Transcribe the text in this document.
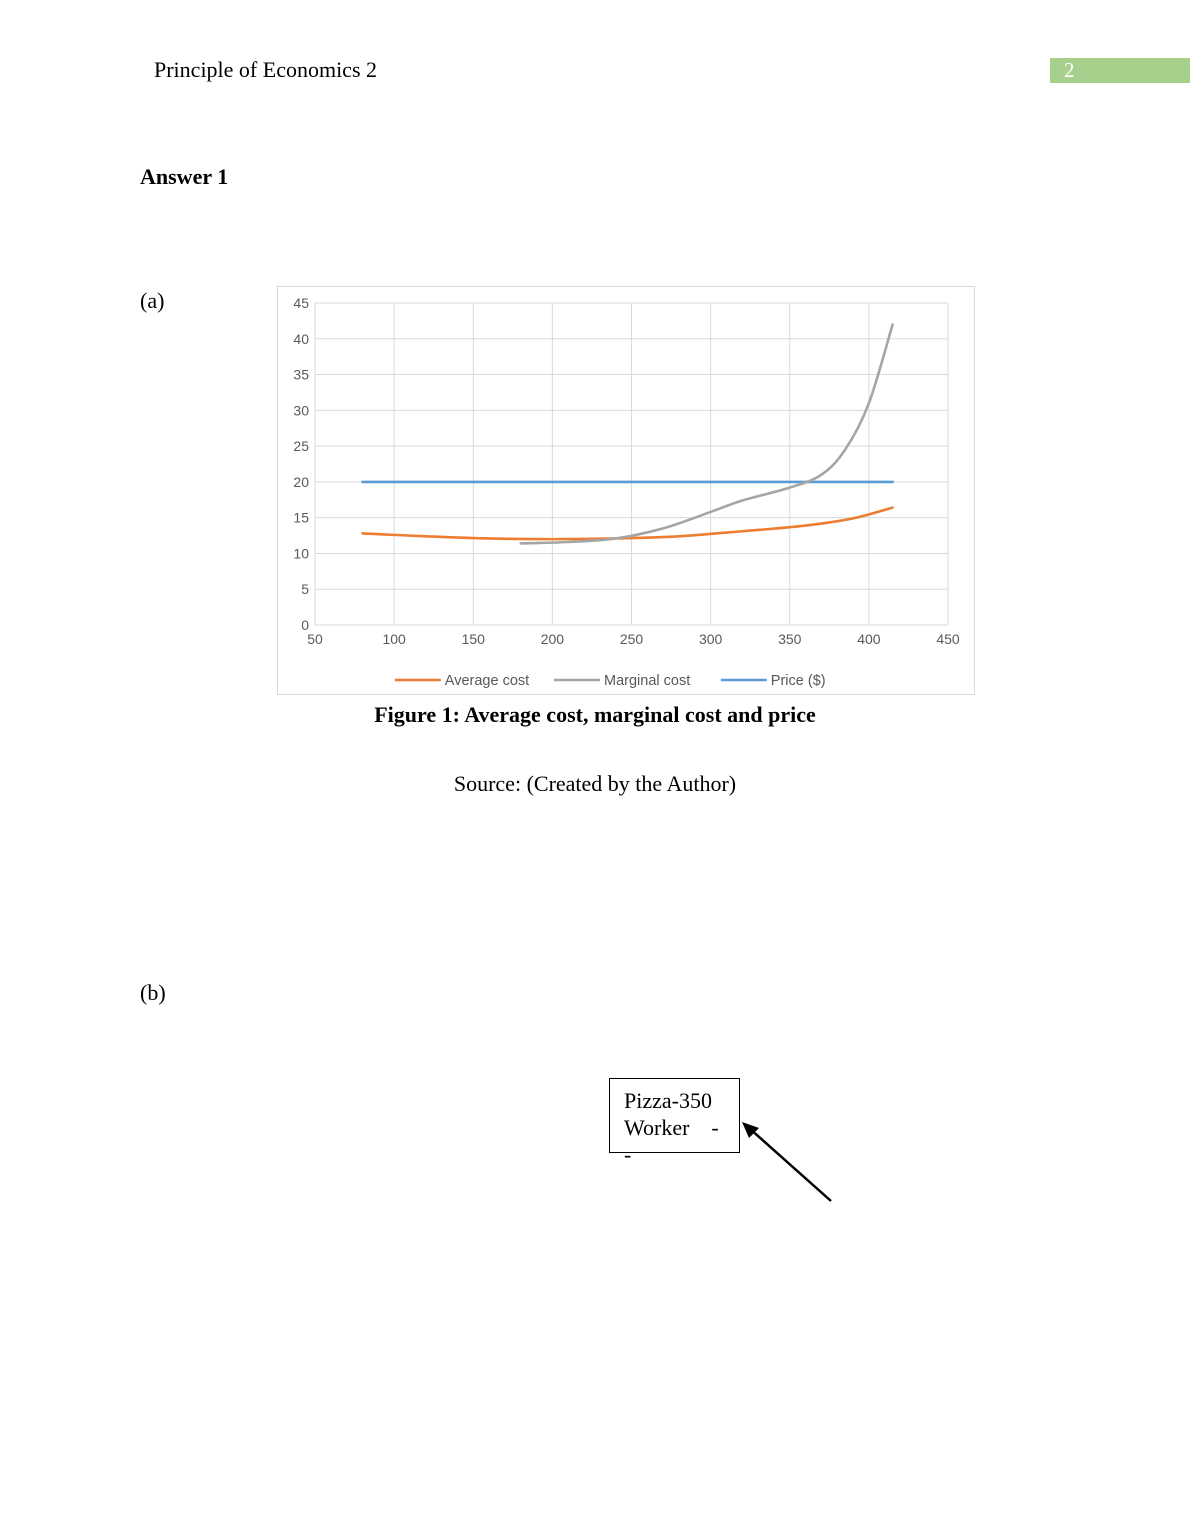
Principle of Economics 2	2
Answer 1
(a)
0
5
10
15
20
25
30
35
40
45
50	100	150	200	250	300	350	400	450
Average cost	Marginal cost	Price ($)
Figure 1: Average cost, marginal cost and price
Source: (Created by the Author)
(b)
Pizza-350
Worker    -
-
